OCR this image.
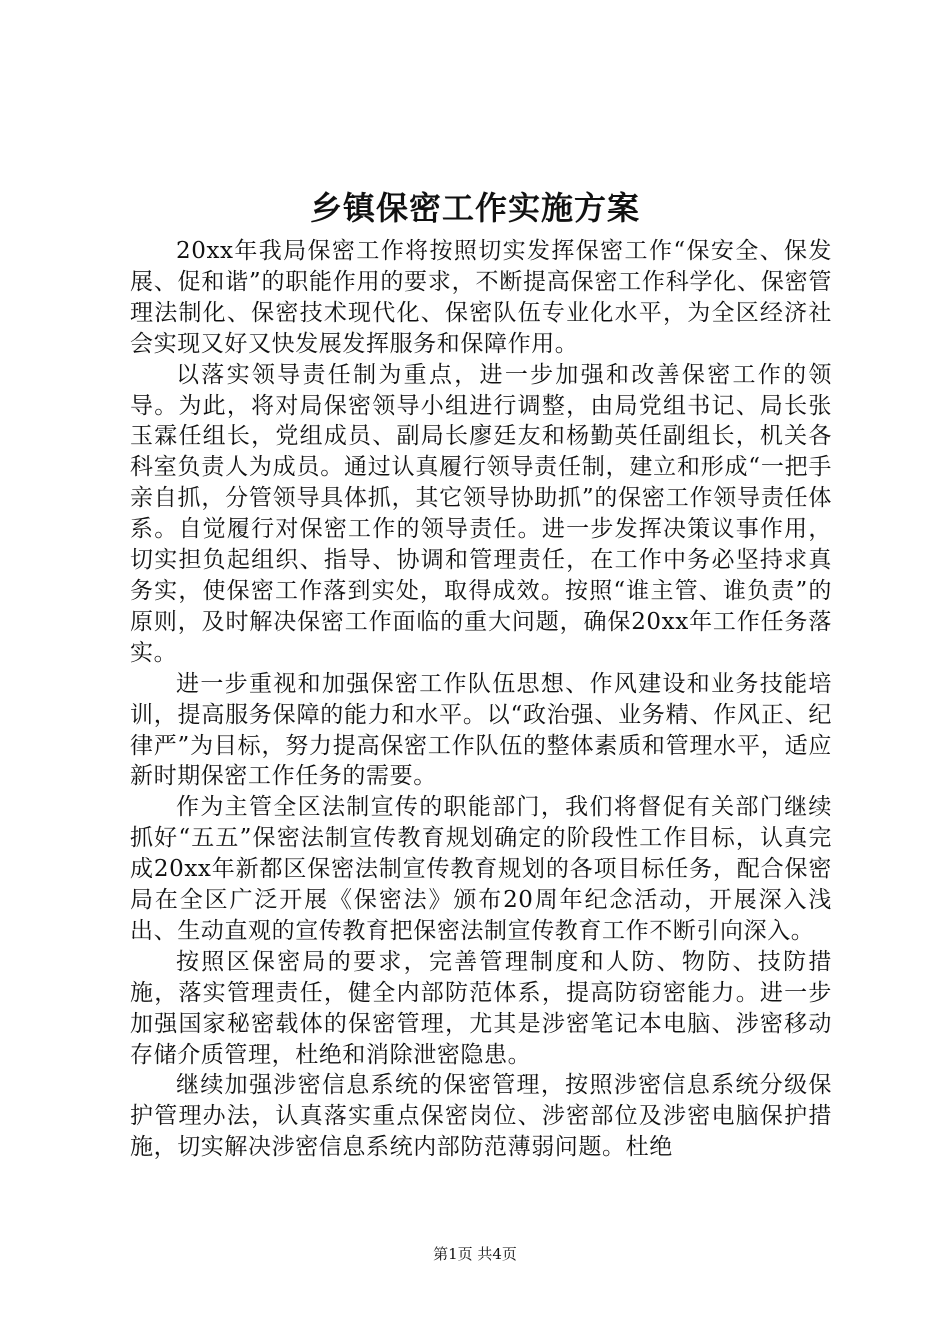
乡镇保密工作实施方案

20xx年我局保密工作将按照切实发挥保密工作“保安全、保发展、促和谐”的职能作用的要求，不断提高保密工作科学化、保密管理法制化、保密技术现代化、保密队伍专业化水平，为全区经济社会实现又好又快发展发挥服务和保障作用。

以落实领导责任制为重点，进一步加强和改善保密工作的领导。为此，将对局保密领导小组进行调整，由局党组书记、局长张玉霖任组长，党组成员、副局长廖廷友和杨勤英任副组长，机关各科室负责人为成员。通过认真履行领导责任制，建立和形成“一把手亲自抓，分管领导具体抓，其它领导协助抓”的保密工作领导责任体系。自觉履行对保密工作的领导责任。进一步发挥决策议事作用，切实担负起组织、指导、协调和管理责任，在工作中务必坚持求真务实，使保密工作落到实处，取得成效。按照“谁主管、谁负责”的原则，及时解决保密工作面临的重大问题，确保20xx年工作任务落实。

进一步重视和加强保密工作队伍思想、作风建设和业务技能培训，提高服务保障的能力和水平。以“政治强、业务精、作风正、纪律严”为目标，努力提高保密工作队伍的整体素质和管理水平，适应新时期保密工作任务的需要。

作为主管全区法制宣传的职能部门，我们将督促有关部门继续抓好“五五”保密法制宣传教育规划确定的阶段性工作目标，认真完成20xx年新都区保密法制宣传教育规划的各项目标任务，配合保密局在全区广泛开展《保密法》颁布20周年纪念活动，开展深入浅出、生动直观的宣传教育把保密法制宣传教育工作不断引向深入。

按照区保密局的要求，完善管理制度和人防、物防、技防措施，落实管理责任，健全内部防范体系，提高防窃密能力。进一步加强国家秘密载体的保密管理，尤其是涉密笔记本电脑、涉密移动存储介质管理，杜绝和消除泄密隐患。

继续加强涉密信息系统的保密管理，按照涉密信息系统分级保护管理办法，认真落实重点保密岗位、涉密部位及涉密电脑保护措施，切实解决涉密信息系统内部防范薄弱问题。杜绝

第1页 共4页
